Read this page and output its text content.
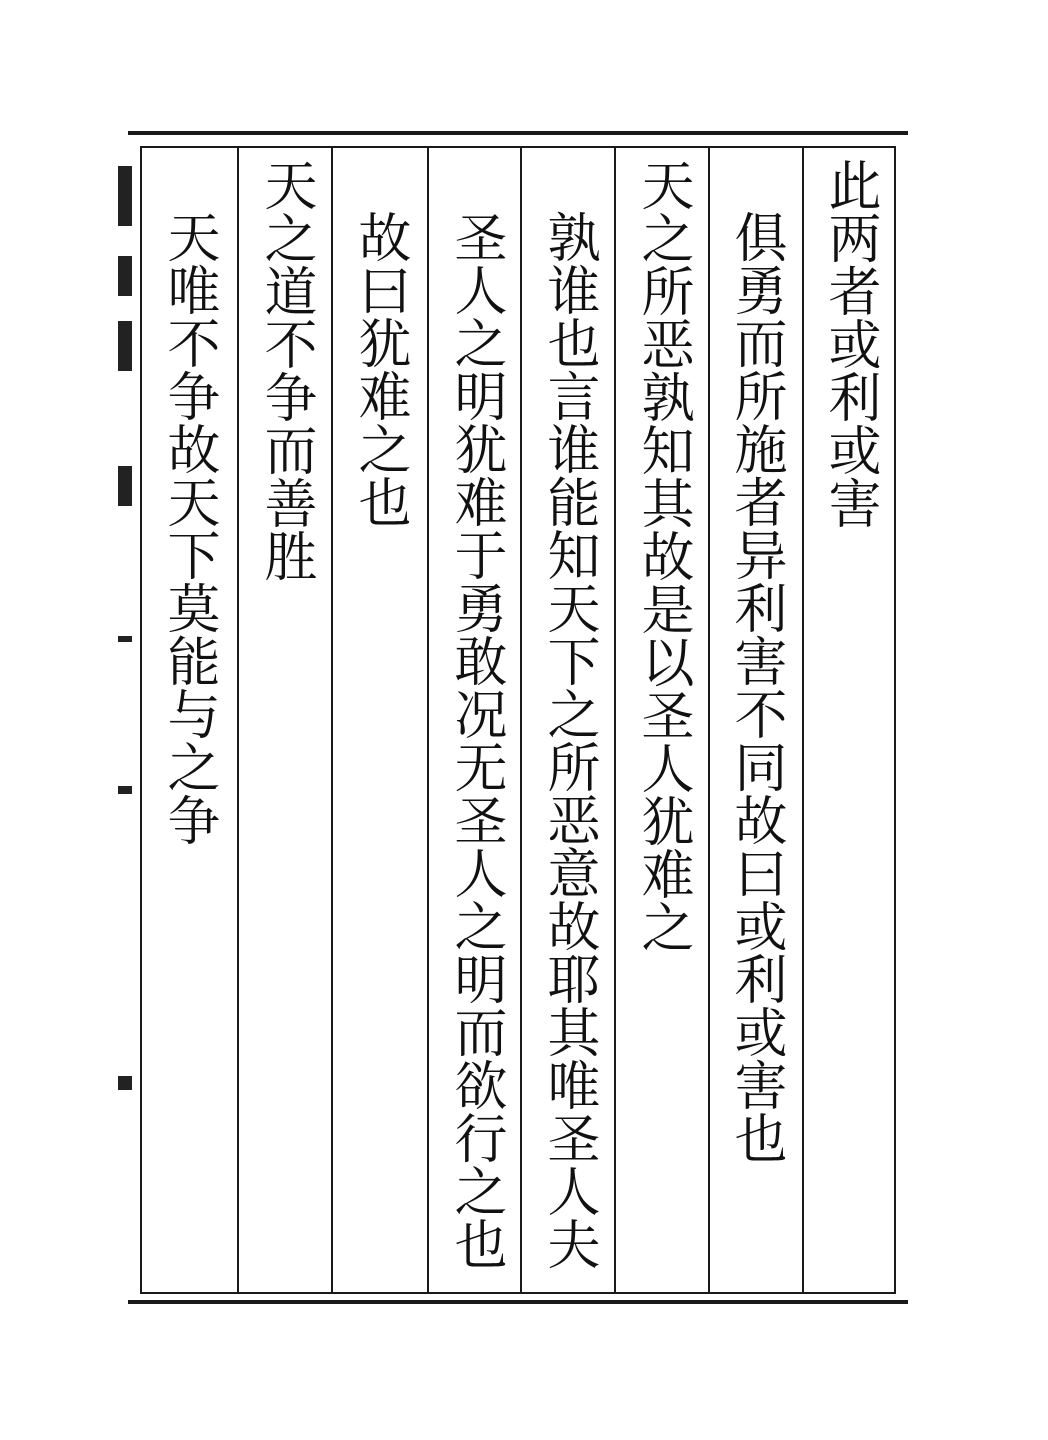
此两者或利或害
俱勇而所施者异利害不同故曰或利或害也
天之所恶孰知其故是以圣人犹难之
孰谁也言谁能知天下之所恶意故耶其唯圣人夫
圣人之明犹难于勇敢况无圣人之明而欲行之也
故曰犹难之也
天之道不争而善胜
天唯不争故天下莫能与之争
